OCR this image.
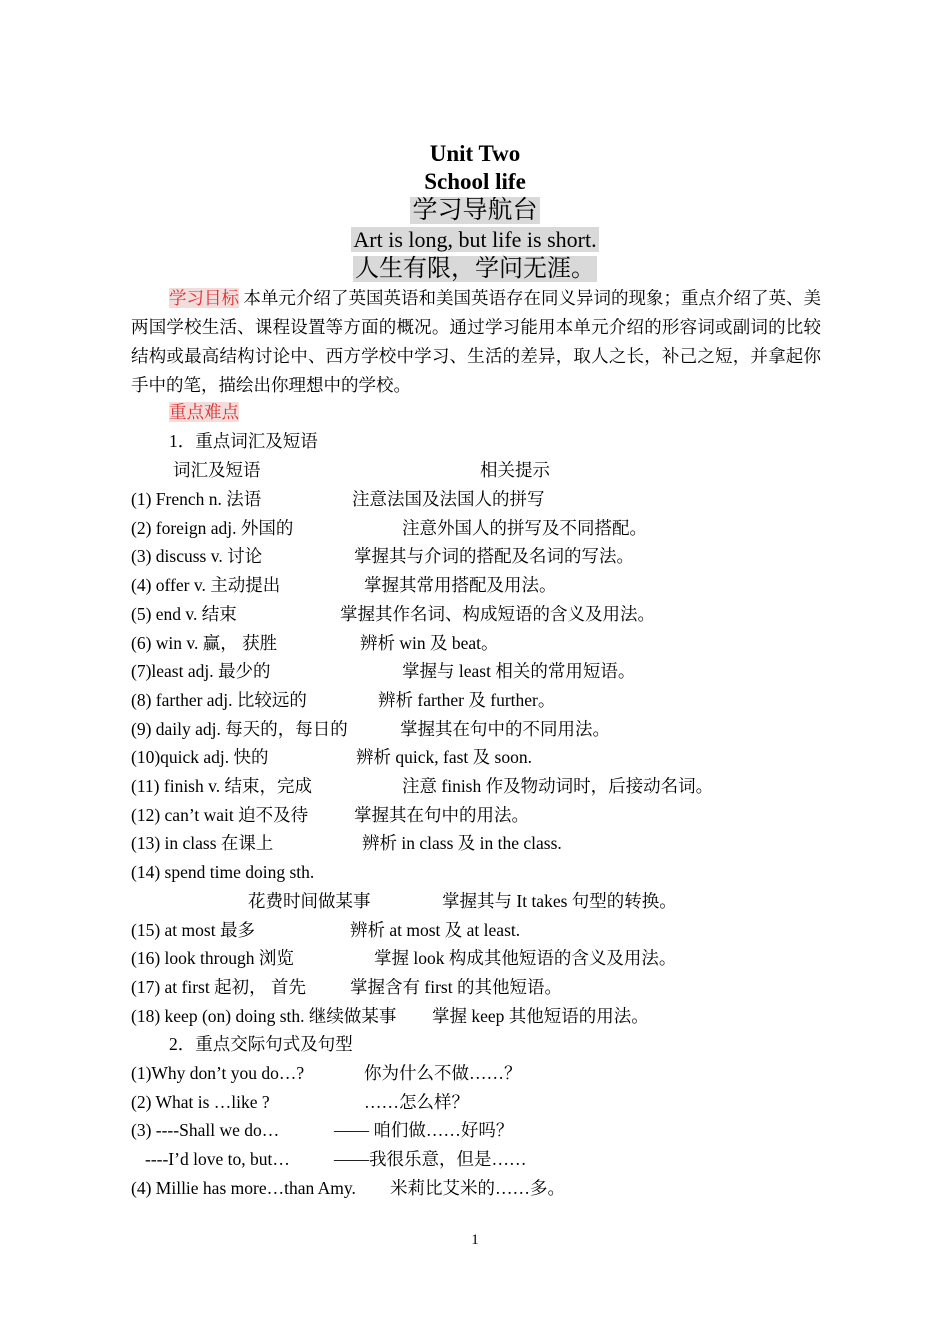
Unit Two
School life
学习导航台
Art is long, but life is short.
人生有限，学问无涯。
学习目标 本单元介绍了英国英语和美国英语存在同义异词的现象；重点介绍了英、美两国学校生活、课程设置等方面的概况。通过学习能用本单元介绍的形容词或副词的比较结构或最高结构讨论中、西方学校中学习、生活的差异，取人之长，补己之短，并拿起你手中的笔，描绘出你理想中的学校。
重点难点
1．重点词汇及短语
词汇及短语	相关提示
(1) French n. 法语	注意法国及法国人的拼写
(2) foreign adj. 外国的	注意外国人的拼写及不同搭配。
(3) discuss v. 讨论	掌握其与介词的搭配及名词的写法。
(4) offer v. 主动提出	掌握其常用搭配及用法。
(5) end v. 结束	掌握其作名词、构成短语的含义及用法。
(6) win v. 赢， 获胜	辨析 win 及 beat。
(7)least adj. 最少的	掌握与 least 相关的常用短语。
(8) farther adj. 比较远的	辨析 farther 及 further。
(9) daily adj. 每天的，每日的	掌握其在句中的不同用法。
(10)quick adj. 快的	辨析 quick, fast 及 soon.
(11) finish v. 结束，完成	注意 finish 作及物动词时，后接动名词。
(12) can’t wait 迫不及待	掌握其在句中的用法。
(13) in class 在课上	辨析 in class 及 in the class.
(14) spend time doing sth.
花费时间做某事	掌握其与 It takes 句型的转换。
(15) at most 最多	辨析 at most 及 at least.
(16) look through 浏览	掌握 look 构成其他短语的含义及用法。
(17) at first 起初， 首先	掌握含有 first 的其他短语。
(18) keep (on) doing sth. 继续做某事 掌握 keep 其他短语的用法。
2．重点交际句式及句型
(1)Why don’t you do…?	你为什么不做……？
(2) What is …like ?	……怎么样？
(3) ----Shall we do…	—— 咱们做……好吗？
----I’d love to, but…	——我很乐意，但是……
(4) Millie has more…than Amy. 米莉比艾米的……多。
1
